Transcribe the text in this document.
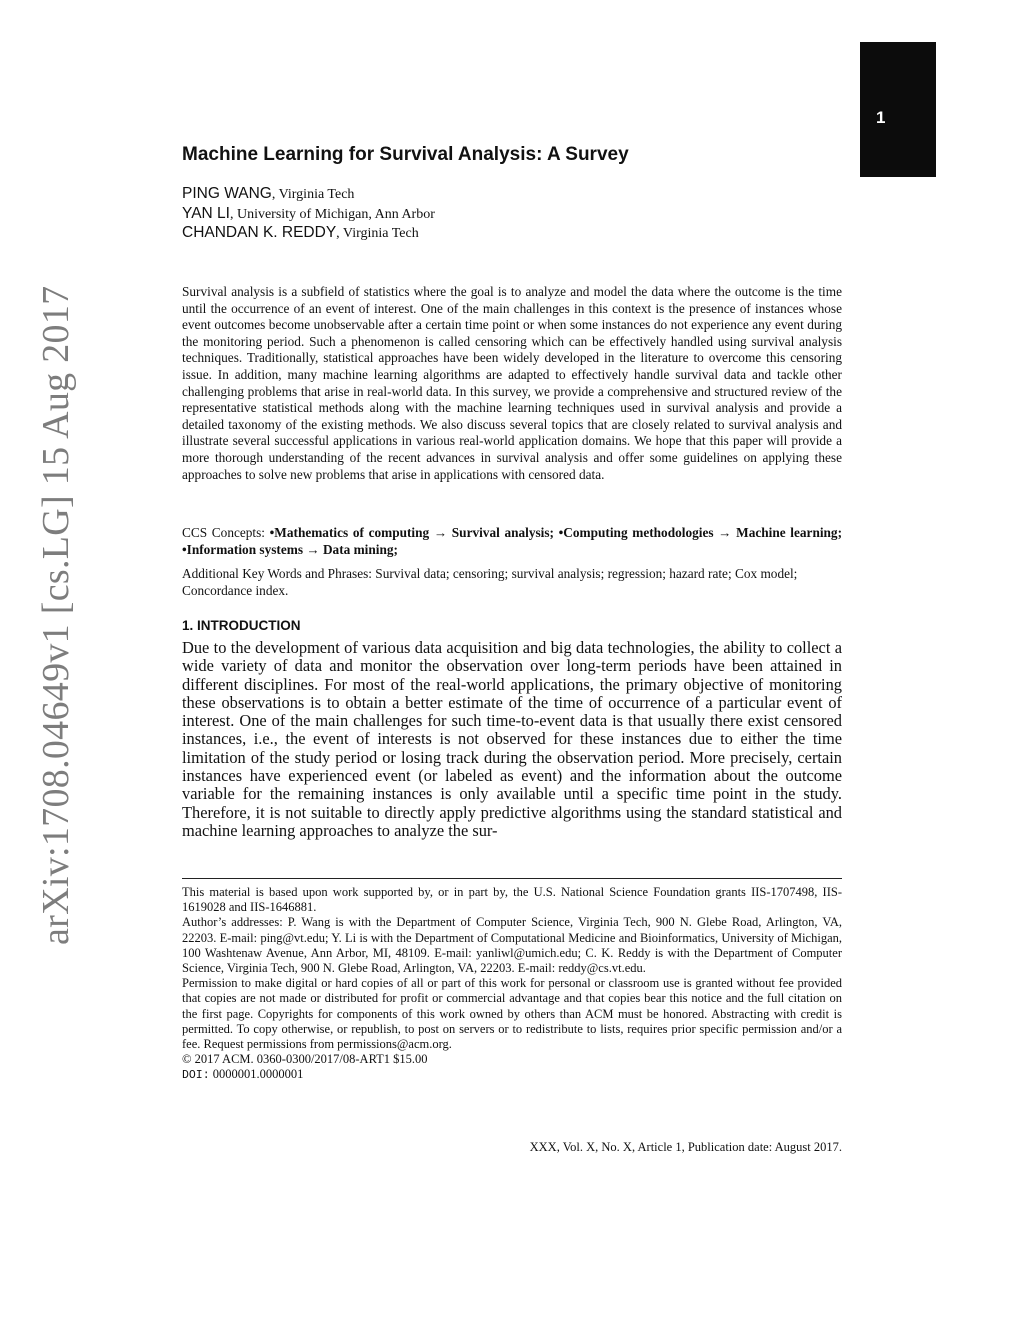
1
arXiv:1708.04649v1 [cs.LG] 15 Aug 2017
Machine Learning for Survival Analysis: A Survey
PING WANG, Virginia Tech
YAN LI, University of Michigan, Ann Arbor
CHANDAN K. REDDY, Virginia Tech

Survival analysis is a subfield of statistics where the goal is to analyze and model the data where the outcome is the time until the occurrence of an event of interest. One of the main challenges in this context is the presence of instances whose event outcomes become unobservable after a certain time point or when some instances do not experience any event during the monitoring period. Such a phenomenon is called censoring which can be effectively handled using survival analysis techniques. Traditionally, statistical approaches have been widely developed in the literature to overcome this censoring issue. In addition, many machine learning algorithms are adapted to effectively handle survival data and tackle other challenging problems that arise in real-world data. In this survey, we provide a comprehensive and structured review of the representative statistical methods along with the machine learning techniques used in survival analysis and provide a detailed taxonomy of the existing methods. We also discuss several topics that are closely related to survival analysis and illustrate several successful applications in various real-world application domains. We hope that this paper will provide a more thorough understanding of the recent advances in survival analysis and offer some guidelines on applying these approaches to solve new problems that arise in applications with censored data.

CCS Concepts: •Mathematics of computing → Survival analysis; •Computing methodologies → Machine learning; •Information systems → Data mining;

Additional Key Words and Phrases: Survival data; censoring; survival analysis; regression; hazard rate; Cox model; Concordance index.

1. INTRODUCTION

Due to the development of various data acquisition and big data technologies, the ability to collect a wide variety of data and monitor the observation over long-term periods have been attained in different disciplines. For most of the real-world applications, the primary objective of monitoring these observations is to obtain a better estimate of the time of occurrence of a particular event of interest. One of the main challenges for such time-to-event data is that usually there exist censored instances, i.e., the event of interests is not observed for these instances due to either the time limitation of the study period or losing track during the observation period. More precisely, certain instances have experienced event (or labeled as event) and the information about the outcome variable for the remaining instances is only available until a specific time point in the study. Therefore, it is not suitable to directly apply predictive algorithms using the standard statistical and machine learning approaches to analyze the sur-

This material is based upon work supported by, or in part by, the U.S. National Science Foundation grants IIS-1707498, IIS-1619028 and IIS-1646881.

Author’s addresses: P. Wang is with the Department of Computer Science, Virginia Tech, 900 N. Glebe Road, Arlington, VA, 22203. E-mail: ping@vt.edu; Y. Li is with the Department of Computational Medicine and Bioinformatics, University of Michigan, 100 Washtenaw Avenue, Ann Arbor, MI, 48109. E-mail: yanliwl@umich.edu; C. K. Reddy is with the Department of Computer Science, Virginia Tech, 900 N. Glebe Road, Arlington, VA, 22203. E-mail: reddy@cs.vt.edu.

Permission to make digital or hard copies of all or part of this work for personal or classroom use is granted without fee provided that copies are not made or distributed for profit or commercial advantage and that copies bear this notice and the full citation on the first page. Copyrights for components of this work owned by others than ACM must be honored. Abstracting with credit is permitted. To copy otherwise, or republish, to post on servers or to redistribute to lists, requires prior specific permission and/or a fee. Request permissions from permissions@acm.org.

© 2017 ACM. 0360-0300/2017/08-ART1 $15.00

DOI: 0000001.0000001

XXX, Vol. X, No. X, Article 1, Publication date: August 2017.
